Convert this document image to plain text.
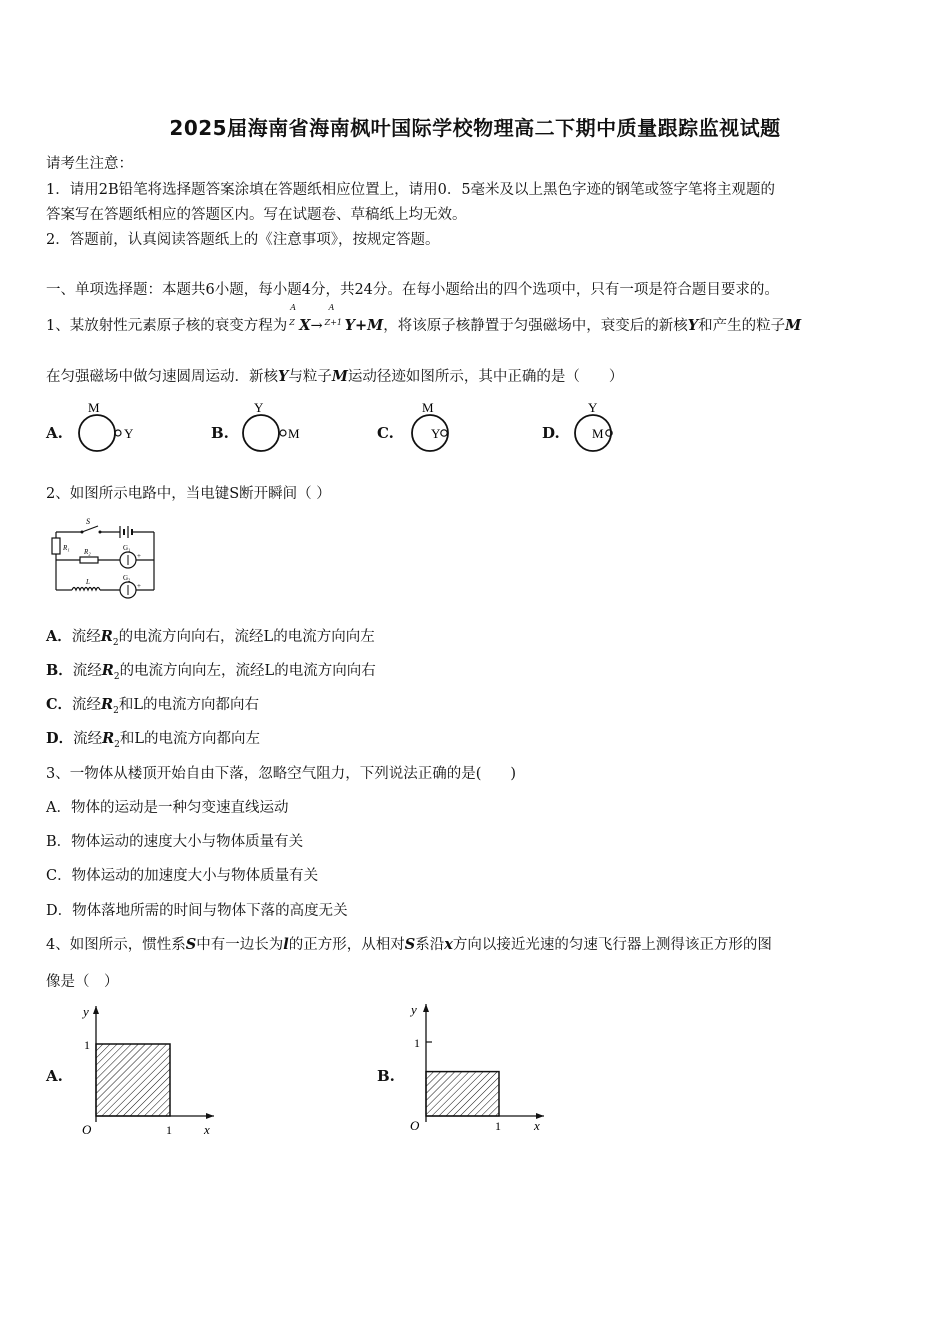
2025届海南省海南枫叶国际学校物理高二下期中质量跟踪监视试题
请考生注意：
1．请用2B铅笔将选择题答案涂填在答题纸相应位置上，请用0．5毫米及以上黑色字迹的钢笔或签字笔将主观题的
答案写在答题纸相应的答题区内。写在试题卷、草稿纸上均无效。
2．答题前，认真阅读答题纸上的《注意事项》，按规定答题。
一、单项选择题：本题共6小题，每小题4分，共24分。在每小题给出的四个选项中，只有一项是符合题目要求的。
1、某放射性元素原子核的衰变方程为
A
Z X→
A
Z+1 Y+M，将该原子核静置于匀强磁场中，衰变后的新核Y和产生的粒子M
在匀强磁场中做匀速圆周运动．新核Y与粒子M运动径迹如图所示，其中正确的是（　　）
A.
M
Y	B.
Y
M	C.
M
Y	D.
Y
M
2、如图所示电路中，当电键S断开瞬间（ ）
S
R₁ R₂	G₁
+
L	G₂
+
A．流经$R_2$的电流方向向右，流经L的电流方向向左
B．流经$R_2$的电流方向向左，流经L的电流方向向右
C．流经$R_2$和L的电流方向都向右
D．流经$R_2$和L的电流方向都向左
3、一物体从楼顶开始自由下落，忽略空气阻力，下列说法正确的是(　　)
A．物体的运动是一种匀变速直线运动
B．物体运动的速度大小与物体质量有关
C．物体运动的加速度大小与物体质量有关
D．物体落地所需的时间与物体下落的高度无关
4、如图所示，惯性系S中有一边长为l的正方形，从相对S系沿x方向以接近光速的匀速飞行器上测得该正方形的图
像是（　）
A.
y
x
O
1
1
B.
y
x
O
1
1
